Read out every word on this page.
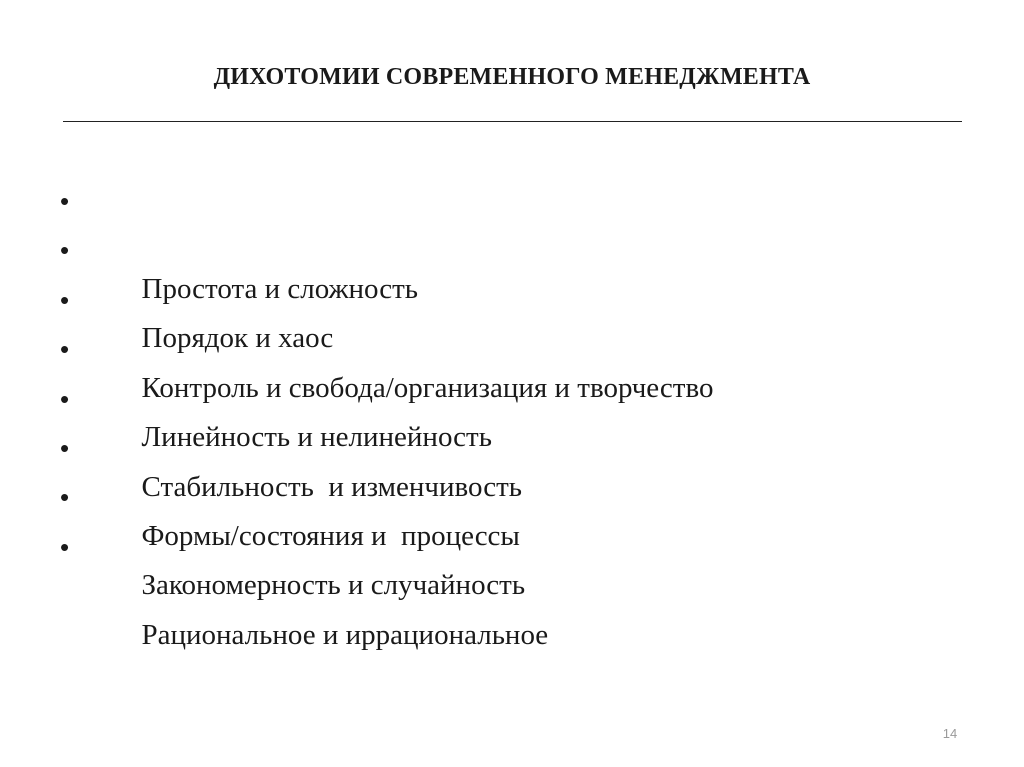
ДИХОТОМИИ СОВРЕМЕННОГО МЕНЕДЖМЕНТА

•

Простота и сложность

•

Порядок и хаос

•

Контроль и свобода/организация и творчество

•

Линейность и нелинейность

•

Стабильность  и изменчивость

•

Формы/состояния и  процессы

•

Закономерность и случайность

•

Рациональное и иррациональное

14
